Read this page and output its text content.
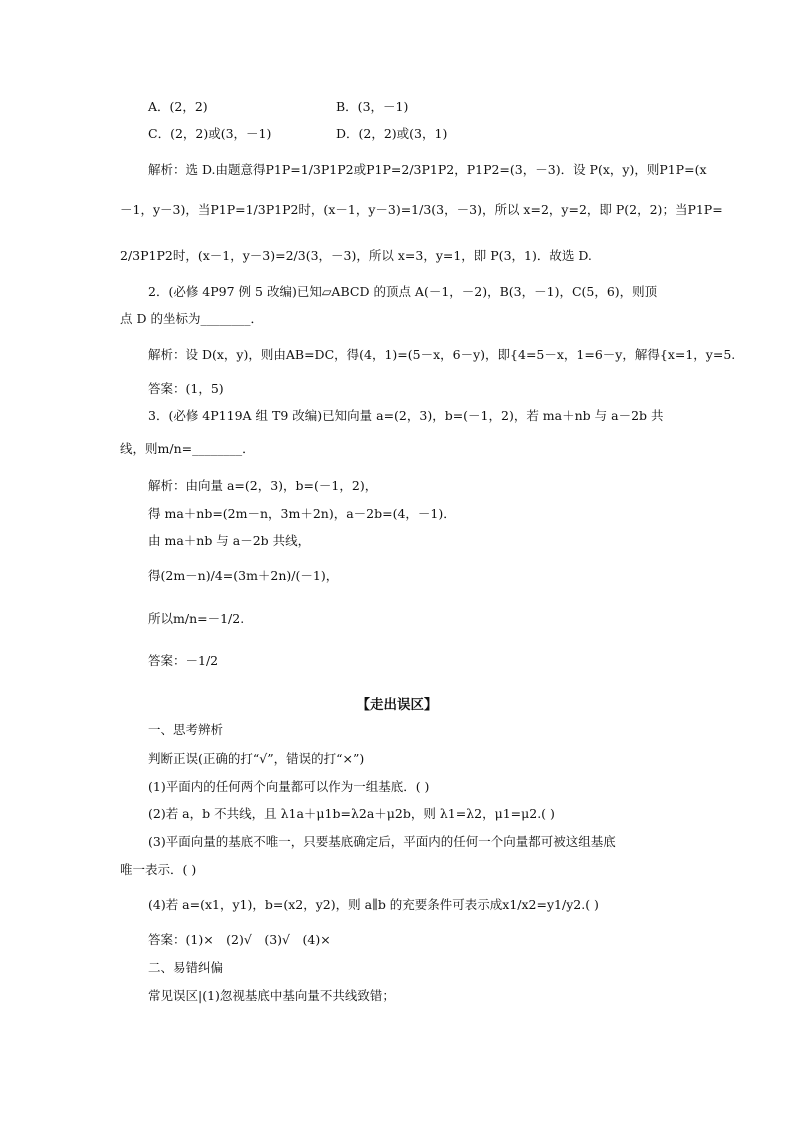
A．(2，2)	B．(3，－1)
C．(2，2)或(3，－1)	D．(2，2)或(3，1)
解析：选 D.由题意得P1P=1/3P1P2或P1P=2/3P1P2，P1P2=(3，－3)．设 P(x，y)，则P1P=(x
－1，y－3)，当P1P=1/3P1P2时，(x－1，y－3)=1/3(3，－3)，所以 x=2，y=2，即 P(2，2)；当P1P=
2/3P1P2时，(x－1，y－3)=2/3(3，－3)，所以 x=3，y=1，即 P(3，1)．故选 D.
2．(必修 4P97 例 5 改编)已知▱ABCD 的顶点 A(－1，－2)，B(3，－1)，C(5，6)，则顶
点 D 的坐标为________．
解析：设 D(x，y)，则由AB=DC，得(4，1)=(5－x，6－y)，即{4=5－x，1=6－y，解得{x=1，y=5.
答案：(1，5)
3．(必修 4P119A 组 T9 改编)已知向量 a=(2，3)，b=(－1，2)，若 ma＋nb 与 a－2b 共
线，则m/n=________．
解析：由向量 a=(2，3)，b=(－1，2)，
得 ma＋nb=(2m－n，3m＋2n)，a－2b=(4，－1)．
由 ma＋nb 与 a－2b 共线，
得(2m－n)/4=(3m＋2n)/(－1)，
所以m/n=－1/2.
答案：－1/2
【走出误区】
一、思考辨析
判断正误(正确的打“√”，错误的打“×”)
(1)平面内的任何两个向量都可以作为一组基底．( )
(2)若 a，b 不共线，且 λ1a＋μ1b=λ2a＋μ2b，则 λ1=λ2，μ1=μ2.( )
(3)平面向量的基底不唯一，只要基底确定后，平面内的任何一个向量都可被这组基底
唯一表示．( )
(4)若 a=(x1，y1)，b=(x2，y2)，则 a∥b 的充要条件可表示成x1/x2=y1/y2.( )
答案：(1)×　(2)√　(3)√　(4)×
二、易错纠偏
常见误区|(1)忽视基底中基向量不共线致错；
